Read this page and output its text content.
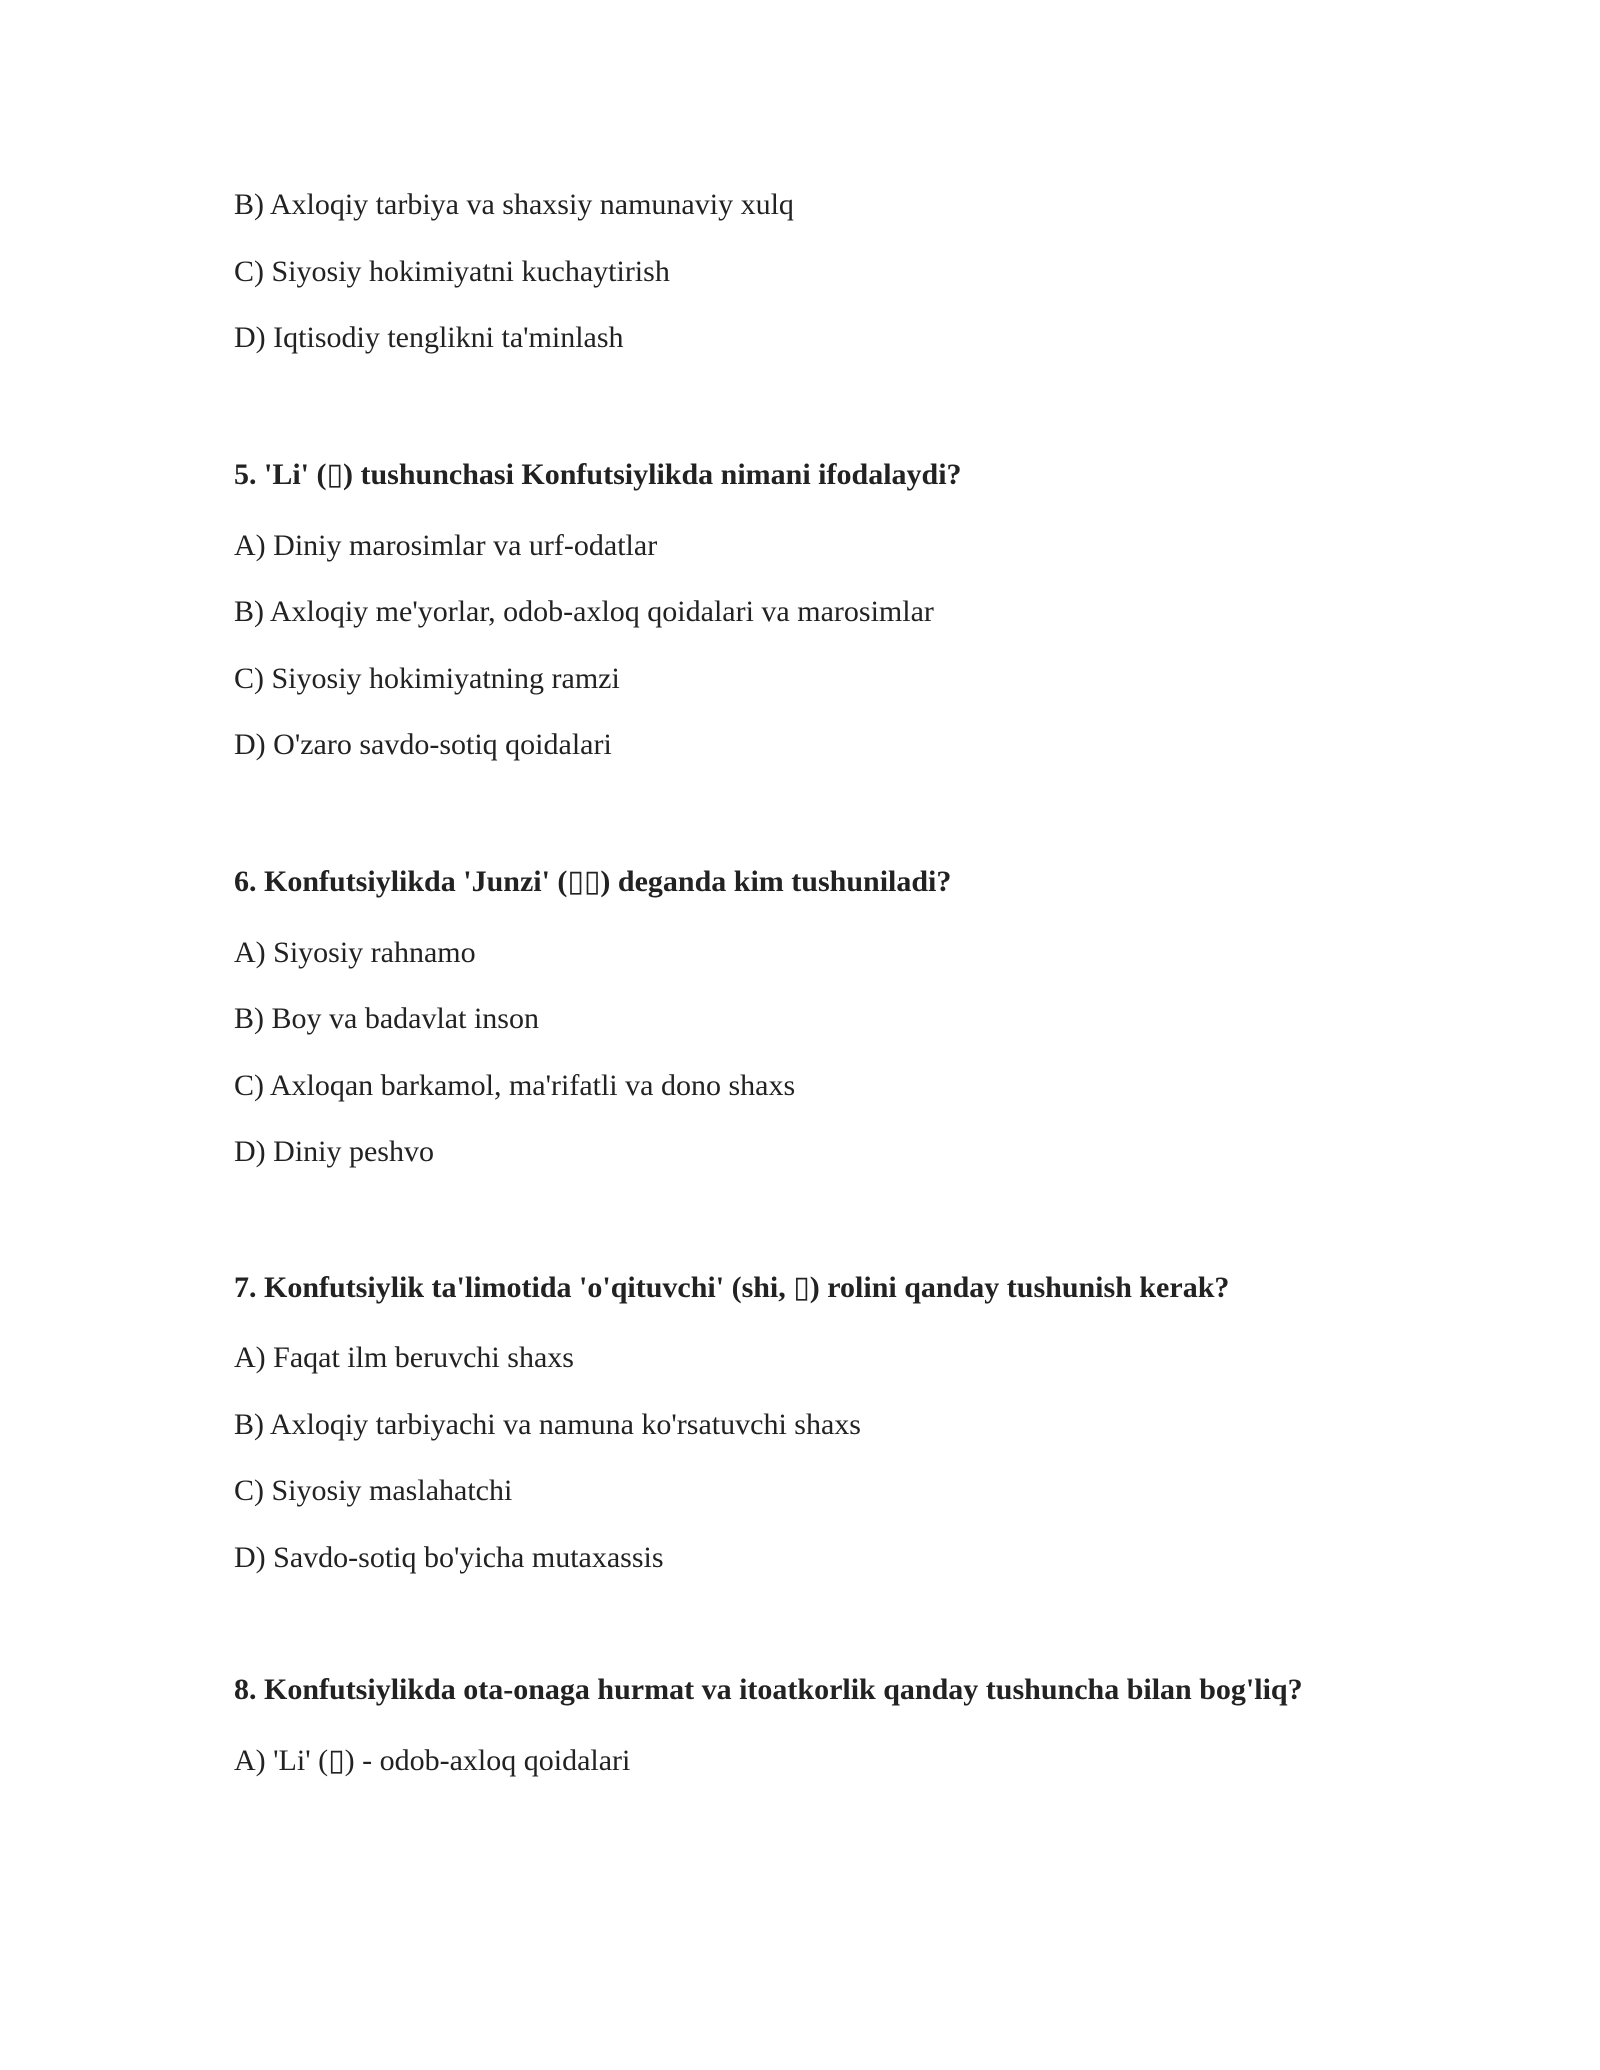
B) Axloqiy tarbiya va shaxsiy namunaviy xulq
C) Siyosiy hokimiyatni kuchaytirish
D) Iqtisodiy tenglikni ta'minlash
5. 'Li' (▯) tushunchasi Konfutsiylikda nimani ifodalaydi?
A) Diniy marosimlar va urf-odatlar
B) Axloqiy me'yorlar, odob-axloq qoidalari va marosimlar
C) Siyosiy hokimiyatning ramzi
D) O'zaro savdo-sotiq qoidalari
6. Konfutsiylikda 'Junzi' (▯▯) deganda kim tushuniladi?
A) Siyosiy rahnamo
B) Boy va badavlat inson
C) Axloqan barkamol, ma'rifatli va dono shaxs
D) Diniy peshvo
7. Konfutsiylik ta'limotida 'o'qituvchi' (shi, ▯) rolini qanday tushunish kerak?
A) Faqat ilm beruvchi shaxs
B) Axloqiy tarbiyachi va namuna ko'rsatuvchi shaxs
C) Siyosiy maslahatchi
D) Savdo-sotiq bo'yicha mutaxassis
8. Konfutsiylikda ota-onaga hurmat va itoatkorlik qanday tushuncha bilan bog'liq?
A) 'Li' (▯) - odob-axloq qoidalari
